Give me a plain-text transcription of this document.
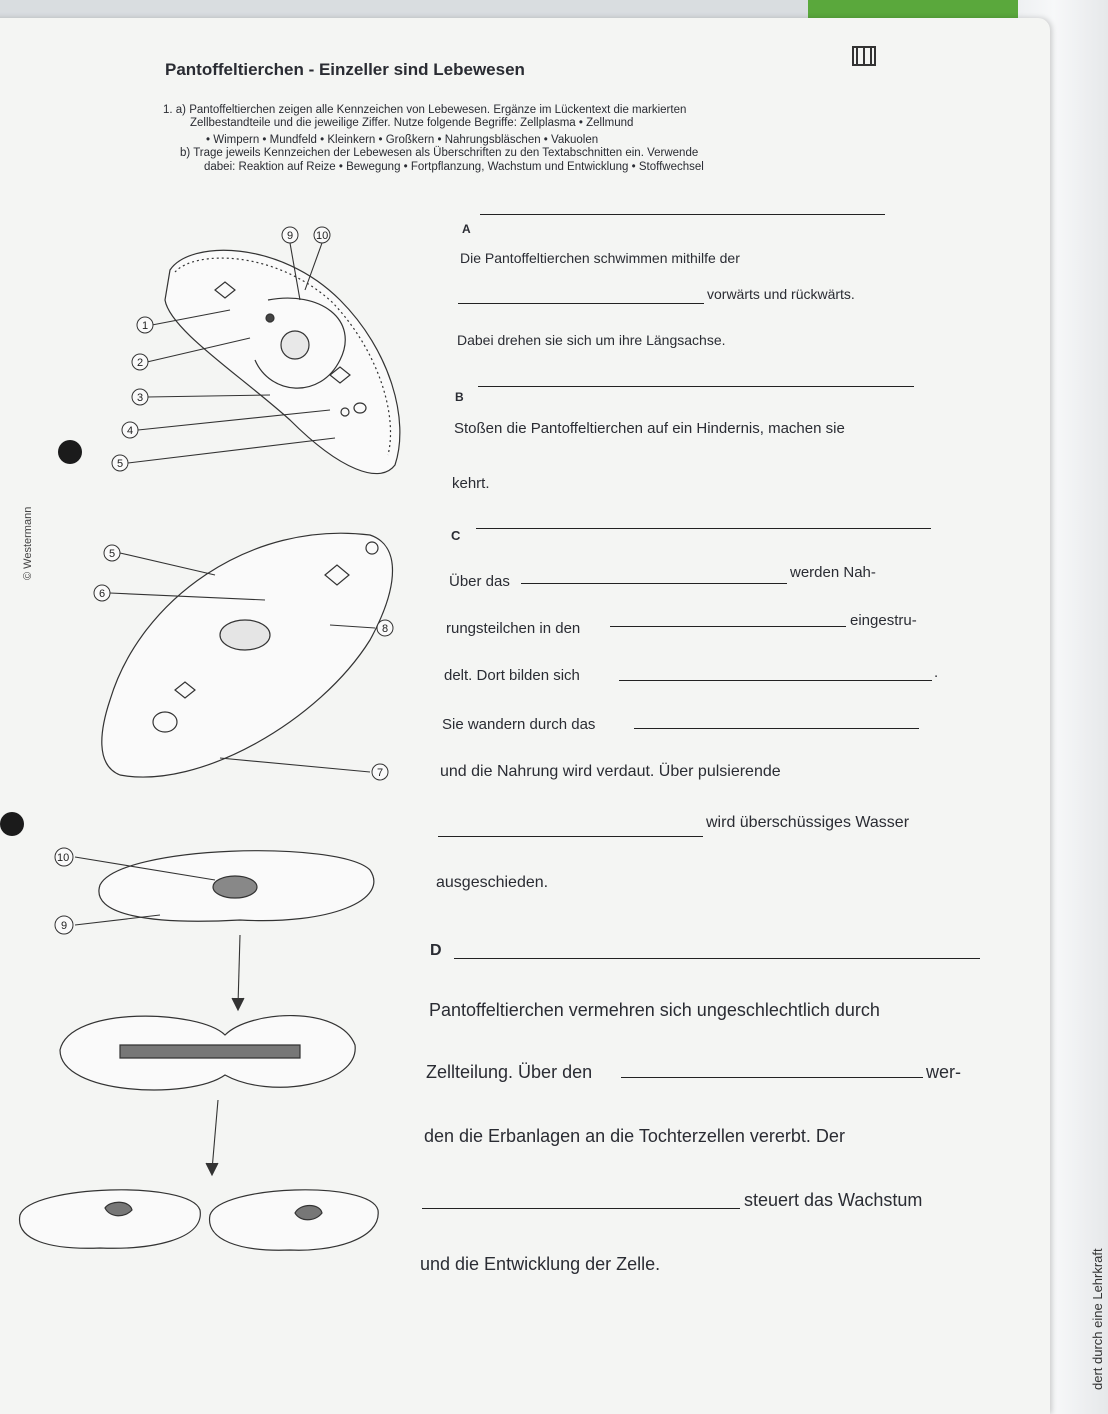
Pantoffeltierchen - Einzeller sind Lebewesen
1. a) Pantoffeltierchen zeigen alle Kennzeichen von Lebewesen. Ergänze im Lückentext die markierten
Zellbestandteile und die jeweilige Ziffer. Nutze folgende Begriffe: Zellplasma • Zellmund
• Wimpern • Mundfeld • Kleinkern • Großkern • Nahrungsbläschen • Vakuolen
b) Trage jeweils Kennzeichen der Lebewesen als Überschriften zu den Textabschnitten ein. Verwende
dabei: Reaktion auf Reize • Bewegung • Fortpflanzung, Wachstum und Entwicklung • Stoffwechsel
© Westermann
dert durch eine Lehrkraft
A
Die Pantoffeltierchen schwimmen mithilfe der
vorwärts und rückwärts.
Dabei drehen sie sich um ihre Längsachse.
B
Stoßen die Pantoffeltierchen auf ein Hindernis, machen sie
kehrt.
C
Über das
werden Nah-
rungsteilchen in den	eingestru-
delt. Dort bilden sich	.
Sie wandern durch das
und die Nahrung wird verdaut. Über pulsierende
wird überschüssiges Wasser
ausgeschieden.
D
Pantoffeltierchen vermehren sich ungeschlechtlich durch
Zellteilung. Über den	wer-
den die Erbanlagen an die Tochterzellen vererbt. Der
steuert das Wachstum
und die Entwicklung der Zelle.
9 10
1
2
3
4
5
5
6
8
7
10
9
